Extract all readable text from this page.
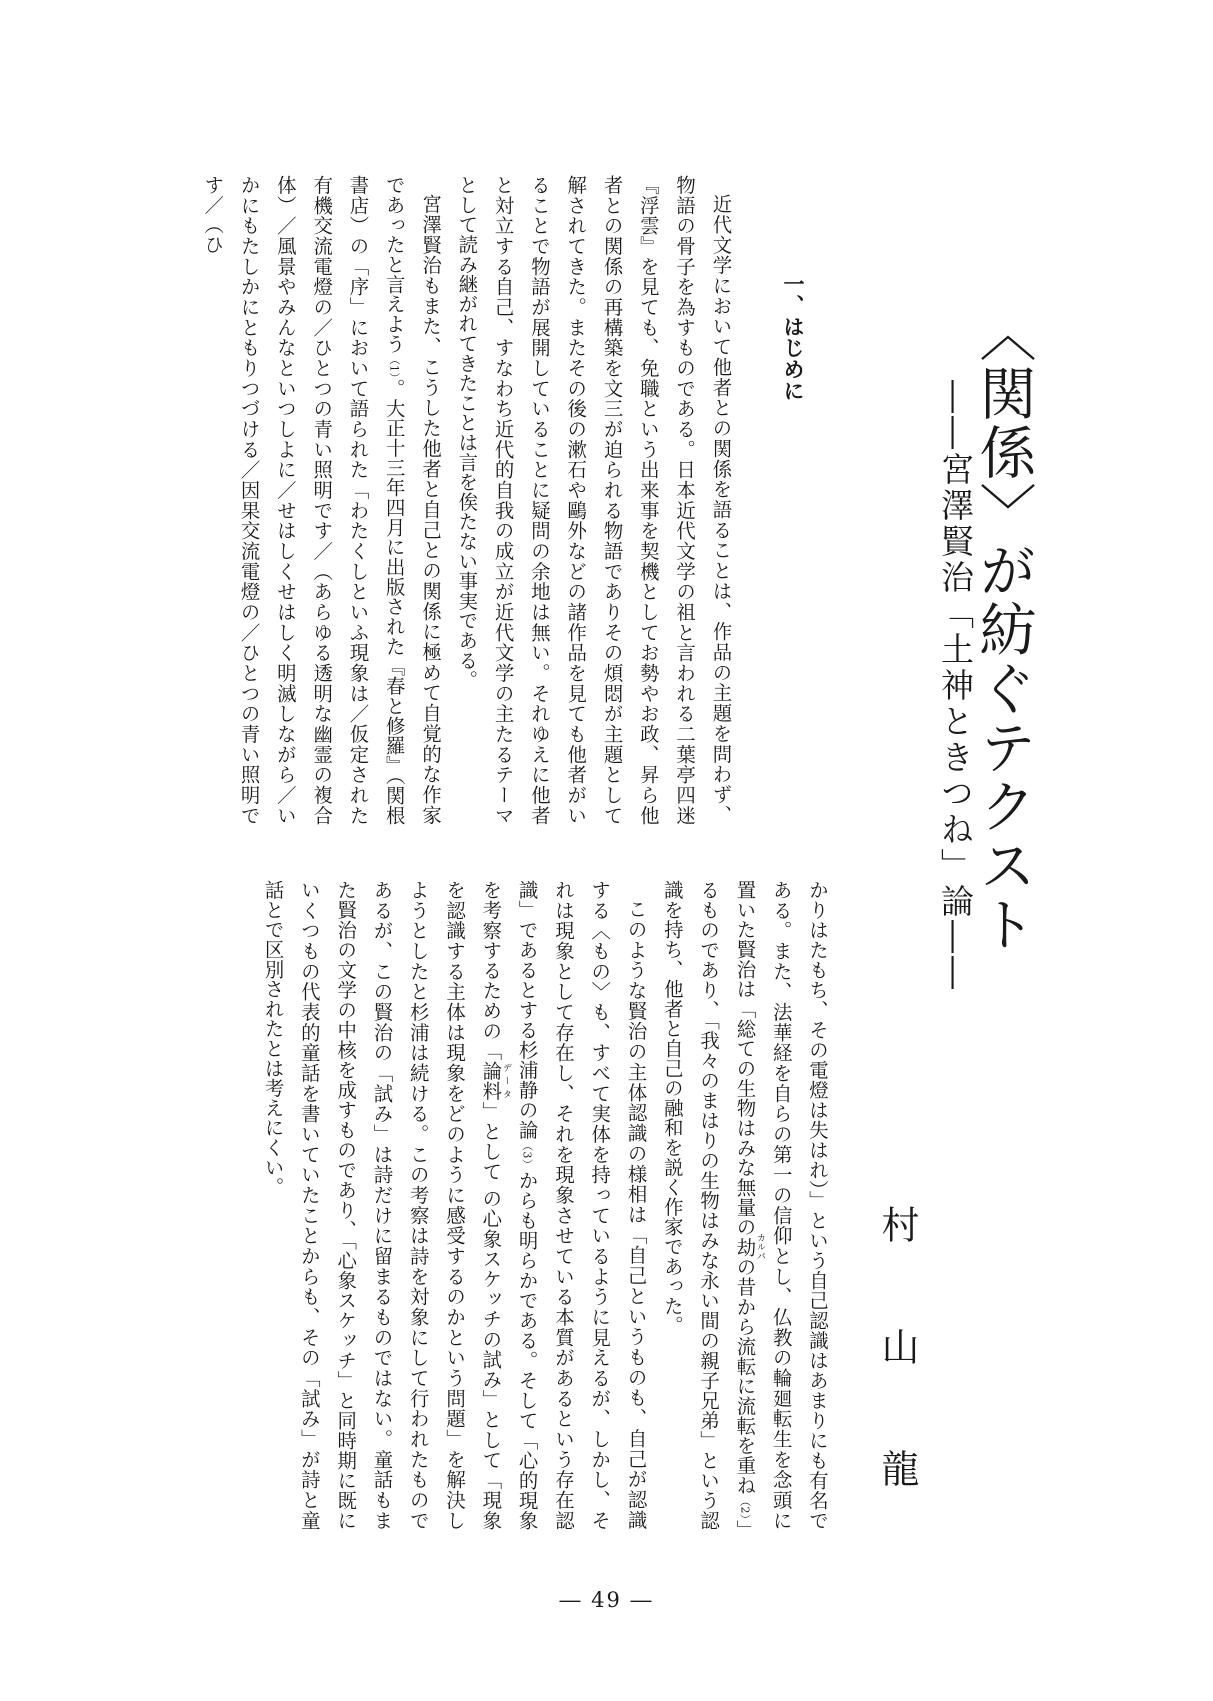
〈関係〉が紡ぐテクスト
――宮澤賢治「土神ときつね」論――
村 山 龍
一、はじめに

近代文学において他者との関係を語ることは、作品の主題を問わず、物語の骨子を為すものである。日本近代文学の祖と言われる二葉亭四迷『浮雲』を見ても、免職という出来事を契機としてお勢やお政、昇ら他者との関係の再構築を文三が迫られる物語でありその煩悶が主題として解されてきた。またその後の漱石や鷗外などの諸作品を見ても他者がいることで物語が展開していることに疑問の余地は無い。それゆえに他者と対立する自己、すなわち近代的自我の成立が近代文学の主たるテーマとして読み継がれてきたことは言を俟たない事実である。

宮澤賢治もまた、こうした他者と自己との関係に極めて自覚的な作家であったと言えよう（1）。大正十三年四月に出版された『春と修羅』（関根書店）の「序」において語られた「わたくしといふ現象は／仮定された有機交流電燈の／ひとつの青い照明です／（あらゆる透明な幽霊の複合体）／風景やみんなといつしよに／せはしくせはしく明滅しながら／いかにもたしかにともりつづける／因果交流電燈の／ひとつの青い照明です／（ひ

かりはたもち、その電燈は失はれ）」という自己認識はあまりにも有名である。また、法華経を自らの第一の信仰とし、仏教の輪廻転生を念頭に置いた賢治は「総ての生物はみな無量の劫カルパの昔から流転に流転を重ね（2）」るものであり、「我々のまはりの生物はみな永い間の親子兄弟」という認識を持ち、他者と自己の融和を説く作家であった。

このような賢治の主体認識の様相は「自己というものも、自己が認識する〈もの〉も、すべて実体を持っているように見えるが、しかし、それは現象として存在し、それを現象させている本質があるという存在認識」であるとする杉浦静の論（3）からも明らかである。そして「心的現象を考察するための「論料データ」として の心象スケッチの試み」として「現象を認識する主体は現象をどのように感受するのかという問題」を解決しようとしたと杉浦は続ける。この考察は詩を対象にして行われたものであるが、この賢治の「試み」は詩だけに留まるものではない。童話もまた賢治の文学の中核を成すものであり、「心象スケッチ」と同時期に既にいくつもの代表的童話を書いていたことからも、その「試み」が詩と童話とで区別されたとは考えにくい。

― 49 ―
